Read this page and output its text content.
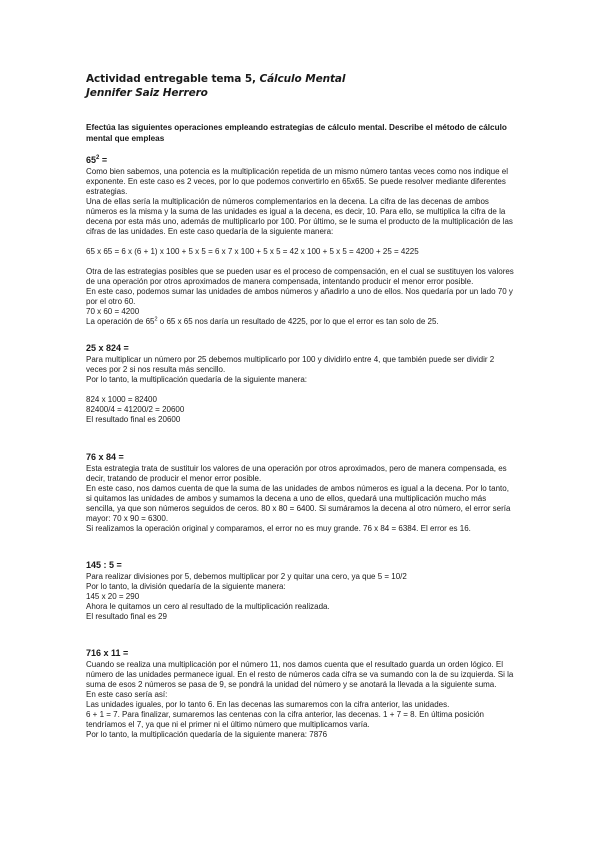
Actividad entregable tema 5, Cálculo Mental
Jennifer Saiz Herrero
Efectúa las siguientes operaciones empleando estrategias de cálculo mental. Describe el método de cálculo mental que empleas
$65^2$ =

Como bien sabemos, una potencia es la multiplicación repetida de un mismo número tantas veces como nos indique el exponente. En este caso es 2 veces, por lo que podemos convertirlo en 65x65. Se puede resolver mediante diferentes estrategias.

Una de ellas sería la multiplicación de números complementarios en la decena. La cifra de las decenas de ambos números es la misma y la suma de las unidades es igual a la decena, es decir, 10. Para ello, se multiplica la cifra de la decena por esta más uno, además de multiplicarlo por 100. Por último, se le suma el producto de la multiplicación de las cifras de las unidades. En este caso quedaría de la siguiente manera:

65 x 65 = 6 x (6 + 1) x 100 + 5 x 5 = 6 x 7 x 100 + 5 x 5 = 42 x 100 + 5 x 5 = 4200 + 25 = 4225

Otra de las estrategias posibles que se pueden usar es el proceso de compensación, en el cual se sustituyen los valores de una operación por otros aproximados de manera compensada, intentando producir el menor error posible.

En este caso, podemos sumar las unidades de ambos números y añadirlo a uno de ellos. Nos quedaría por un lado 70 y por el otro 60.

70 x 60 = 4200

La operación de $65^2$ o 65 x 65 nos daría un resultado de 4225, por lo que el error es tan solo de 25.

25 x 824 =

Para multiplicar un número por 25 debemos multiplicarlo por 100 y dividirlo entre 4, que también puede ser dividir 2 veces por 2 si nos resulta más sencillo.

Por lo tanto, la multiplicación quedaría de la siguiente manera:

824 x 1000 = 82400

82400/4 = 41200/2 = 20600

El resultado final es 20600

76 x 84 =

Esta estrategia trata de sustituir los valores de una operación por otros aproximados, pero de manera compensada, es decir, tratando de producir el menor error posible.

En este caso, nos damos cuenta de que la suma de las unidades de ambos números es igual a la decena. Por lo tanto, si quitamos las unidades de ambos y sumamos la decena a uno de ellos, quedará una multiplicación mucho más sencilla, ya que son números seguidos de ceros. 80 x 80 = 6400. Si sumáramos la decena al otro número, el error sería mayor: 70 x 90 = 6300.

Si realizamos la operación original y comparamos, el error no es muy grande. 76 x 84 = 6384. El error es 16.

145 : 5 =

Para realizar divisiones por 5, debemos multiplicar por 2 y quitar una cero, ya que 5 = 10/2

Por lo tanto, la división quedaría de la siguiente manera:

145 x 20 = 290

Ahora le quitamos un cero al resultado de la multiplicación realizada.

El resultado final es 29

716 x 11 =

Cuando se realiza una multiplicación por el número 11, nos damos cuenta que el resultado guarda un orden lógico. El número de las unidades permanece igual. En el resto de números cada cifra se va sumando con la de su izquierda. Si la suma de esos 2 números se pasa de 9, se pondrá la unidad del número y se anotará la llevada a la siguiente suma.

En este caso sería así:

Las unidades iguales, por lo tanto 6. En las decenas las sumaremos con la cifra anterior, las unidades.

6 + 1 = 7. Para finalizar, sumaremos las centenas con la cifra anterior, las decenas. 1 + 7 = 8. En última posición tendríamos el 7, ya que ni el primer ni el último número que multiplicamos varía.

Por lo tanto, la multiplicación quedaría de la siguiente manera: 7876
